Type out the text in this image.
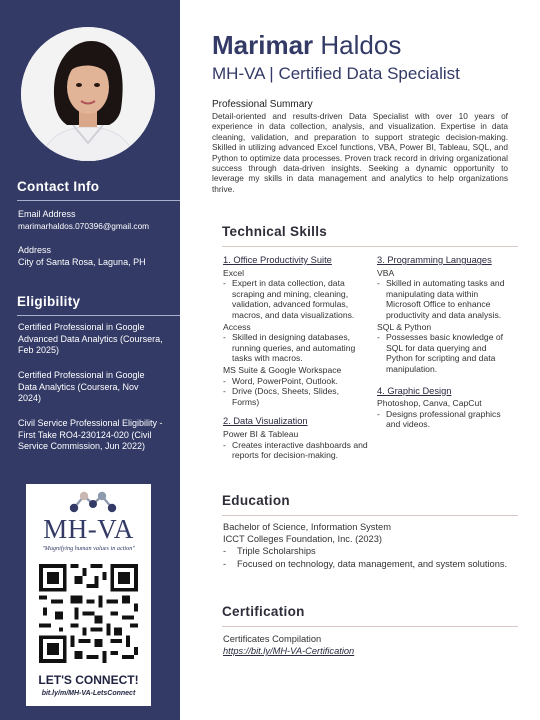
Contact Info
Email Address
marimarhaldos.070396@gmail.com
Address
City of Santa Rosa, Laguna, PH
Eligibility
Certified Professional in Google Advanced Data Analytics (Coursera, Feb 2025)
Certified Professional in Google Data Analytics (Coursera, Nov 2024)
Civil Service Professional Eligibility - First Take RO4-230124-020 (Civil Service Commission, Jun 2022)
MH-VA
"Magnifying human values in action"
LET'S CONNECT!
bit.ly/m/MH-VA-LetsConnect
Marimar Haldos
MH-VA | Certified Data Specialist
Professional Summary
Detail-oriented and results-driven Data Specialist with over 10 years of experience in data collection, analysis, and visualization. Expertise in data cleaning, validation, and preparation to support strategic decision-making. Skilled in utilizing advanced Excel functions, VBA, Power BI, Tableau, SQL, and Python to optimize data processes. Proven track record in driving organizational success through data-driven insights. Seeking a dynamic opportunity to leverage my skills in data management and analytics to help organizations thrive.
Technical Skills
1. Office Productivity Suite
Excel
- Expert in data collection, data scraping and mining, cleaning, validation, advanced formulas, macros, and data visualizations.
Access
- Skilled in designing databases, running queries, and automating tasks with macros.
MS Suite & Google Workspace
- Word, PowerPoint, Outlook.
- Drive (Docs, Sheets, Slides, Forms)
2. Data Visualization
Power BI & Tableau
- Creates interactive dashboards and reports for decision-making.
3. Programming Languages
VBA
- Skilled in automating tasks and manipulating data within Microsoft Office to enhance productivity and data analysis.
SQL & Python
- Possesses basic knowledge of SQL for data querying and Python for scripting and data manipulation.
4. Graphic Design
Photoshop, Canva, CapCut
- Designs professional graphics and videos.
Education
Bachelor of Science, Information System
ICCT Colleges Foundation, Inc. (2023)
- Triple Scholarships
- Focused on technology, data management, and system solutions.
Certification
Certificates Compilation
https://bit.ly/MH-VA-Certification
